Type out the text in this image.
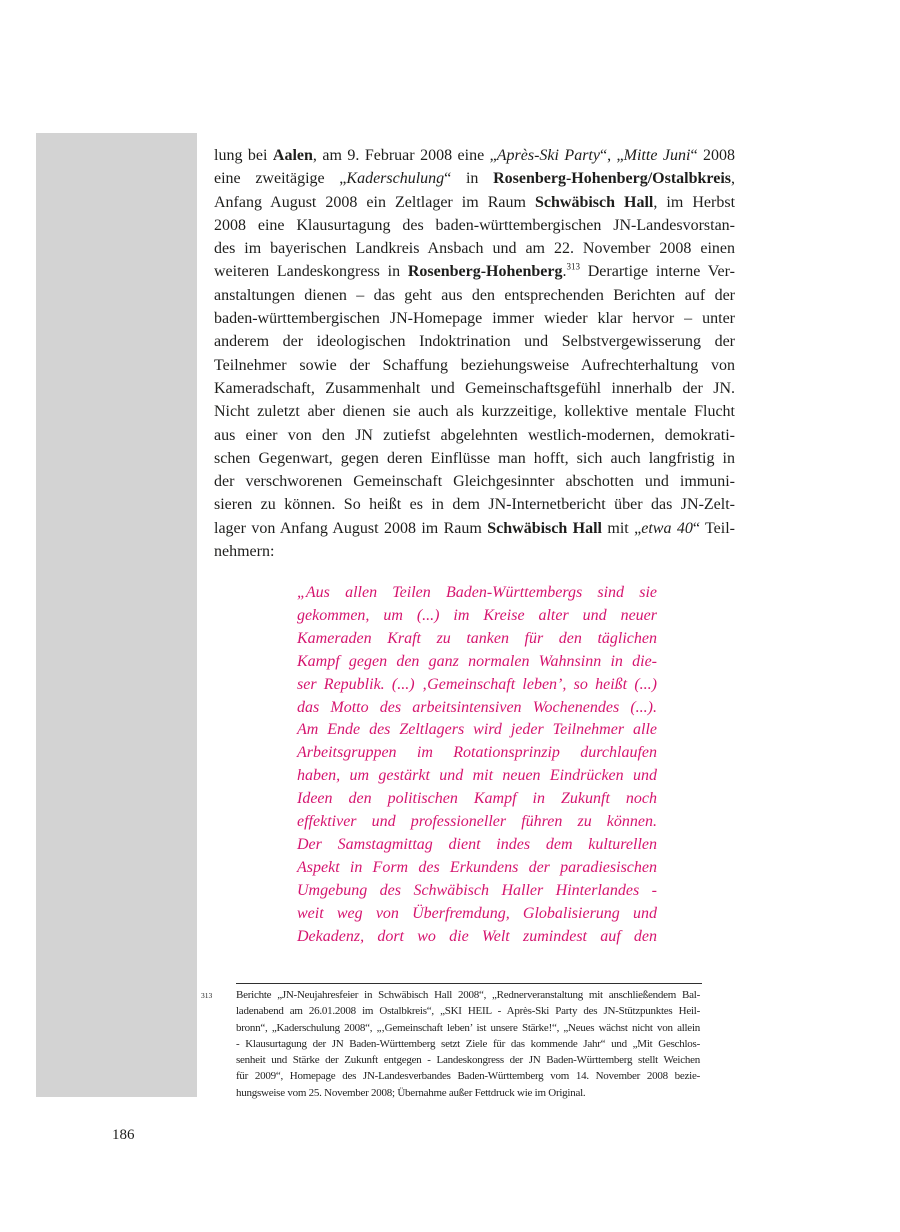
lung bei Aalen, am 9. Februar 2008 eine „Après-Ski Party“, „Mitte Juni“ 2008
eine zweitägige „Kaderschulung“ in Rosenberg-Hohenberg/Ostalbkreis,
Anfang August 2008 ein Zeltlager im Raum Schwäbisch Hall, im Herbst
2008 eine Klausurtagung des baden-württembergischen JN-Landesvorstan-
des im bayerischen Landkreis Ansbach und am 22. November 2008 einen
weiteren Landeskongress in Rosenberg-Hohenberg.$^{313}$ Derartige interne Ver-
anstaltungen dienen – das geht aus den entsprechenden Berichten auf der
baden-württembergischen JN-Homepage immer wieder klar hervor – unter
anderem der ideologischen Indoktrination und Selbstvergewisserung der
Teilnehmer sowie der Schaffung beziehungsweise Aufrechterhaltung von
Kameradschaft, Zusammenhalt und Gemeinschaftsgefühl innerhalb der JN.
Nicht zuletzt aber dienen sie auch als kurzzeitige, kollektive mentale Flucht
aus einer von den JN zutiefst abgelehnten westlich-modernen, demokrati-
schen Gegenwart, gegen deren Einflüsse man hofft, sich auch langfristig in
der verschworenen Gemeinschaft Gleichgesinnter abschotten und immuni-
sieren zu können. So heißt es in dem JN-Internetbericht über das JN-Zelt-
lager von Anfang August 2008 im Raum Schwäbisch Hall mit „etwa 40“ Teil-
nehmern:
„Aus allen Teilen Baden-Württembergs sind sie
gekommen, um (...) im Kreise alter und neuer
Kameraden Kraft zu tanken für den täglichen
Kampf gegen den ganz normalen Wahnsinn in die-
ser Republik. (...) ‚Gemeinschaft leben’, so heißt (...)
das Motto des arbeitsintensiven Wochenendes (...).
Am Ende des Zeltlagers wird jeder Teilnehmer alle
Arbeitsgruppen im Rotationsprinzip durchlaufen
haben, um gestärkt und mit neuen Eindrücken und
Ideen den politischen Kampf in Zukunft noch
effektiver und professioneller führen zu können.
Der Samstagmittag dient indes dem kulturellen
Aspekt in Form des Erkundens der paradiesischen
Umgebung des Schwäbisch Haller Hinterlandes -
weit weg von Überfremdung, Globalisierung und
Dekadenz, dort wo die Welt zumindest auf den
313 Berichte „JN-Neujahresfeier in Schwäbisch Hall 2008“, „Rednerveranstaltung mit anschließendem Bal-
ladenabend am 26.01.2008 im Ostalbkreis“, „SKI HEIL - Après-Ski Party des JN-Stützpunktes Heil-
bronn“, „Kaderschulung 2008“, „‚Gemeinschaft leben’ ist unsere Stärke!“, „Neues wächst nicht von allein
- Klausurtagung der JN Baden-Württemberg setzt Ziele für das kommende Jahr“ und „Mit Geschlos-
senheit und Stärke der Zukunft entgegen - Landeskongress der JN Baden-Württemberg stellt Weichen
für 2009“, Homepage des JN-Landesverbandes Baden-Württemberg vom 14. November 2008 bezie-
hungsweise vom 25. November 2008; Übernahme außer Fettdruck wie im Original.
186
